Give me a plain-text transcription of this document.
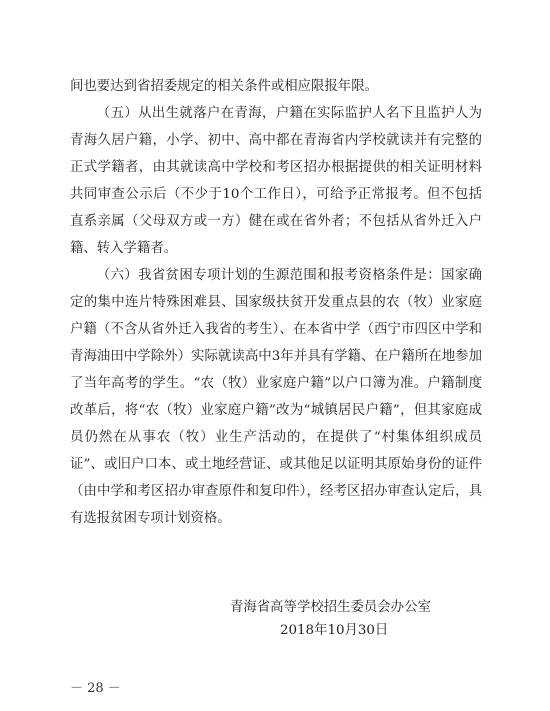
间也要达到省招委规定的相关条件或相应限报年限。

（五）从出生就落户在青海，户籍在实际监护人名下且监护人为青海久居户籍，小学、初中、高中都在青海省内学校就读并有完整的正式学籍者，由其就读高中学校和考区招办根据提供的相关证明材料共同审查公示后（不少于10个工作日），可给予正常报考。但不包括直系亲属（父母双方或一方）健在或在省外者；不包括从省外迁入户籍、转入学籍者。

（六）我省贫困专项计划的生源范围和报考资格条件是：国家确定的集中连片特殊困难县、国家级扶贫开发重点县的农（牧）业家庭户籍（不含从省外迁入我省的考生）、在本省中学（西宁市四区中学和青海油田中学除外）实际就读高中3年并具有学籍、在户籍所在地参加了当年高考的学生。“农（牧）业家庭户籍”以户口簿为准。户籍制度改革后，将“农（牧）业家庭户籍”改为“城镇居民户籍”，但其家庭成员仍然在从事农（牧）业生产活动的，在提供了“村集体组织成员证”、或旧户口本、或土地经营证、或其他足以证明其原始身份的证件（由中学和考区招办审查原件和复印件），经考区招办审查认定后，具有选报贫困专项计划资格。

青海省高等学校招生委员会办公室
2018年10月30日
－ 28 －
